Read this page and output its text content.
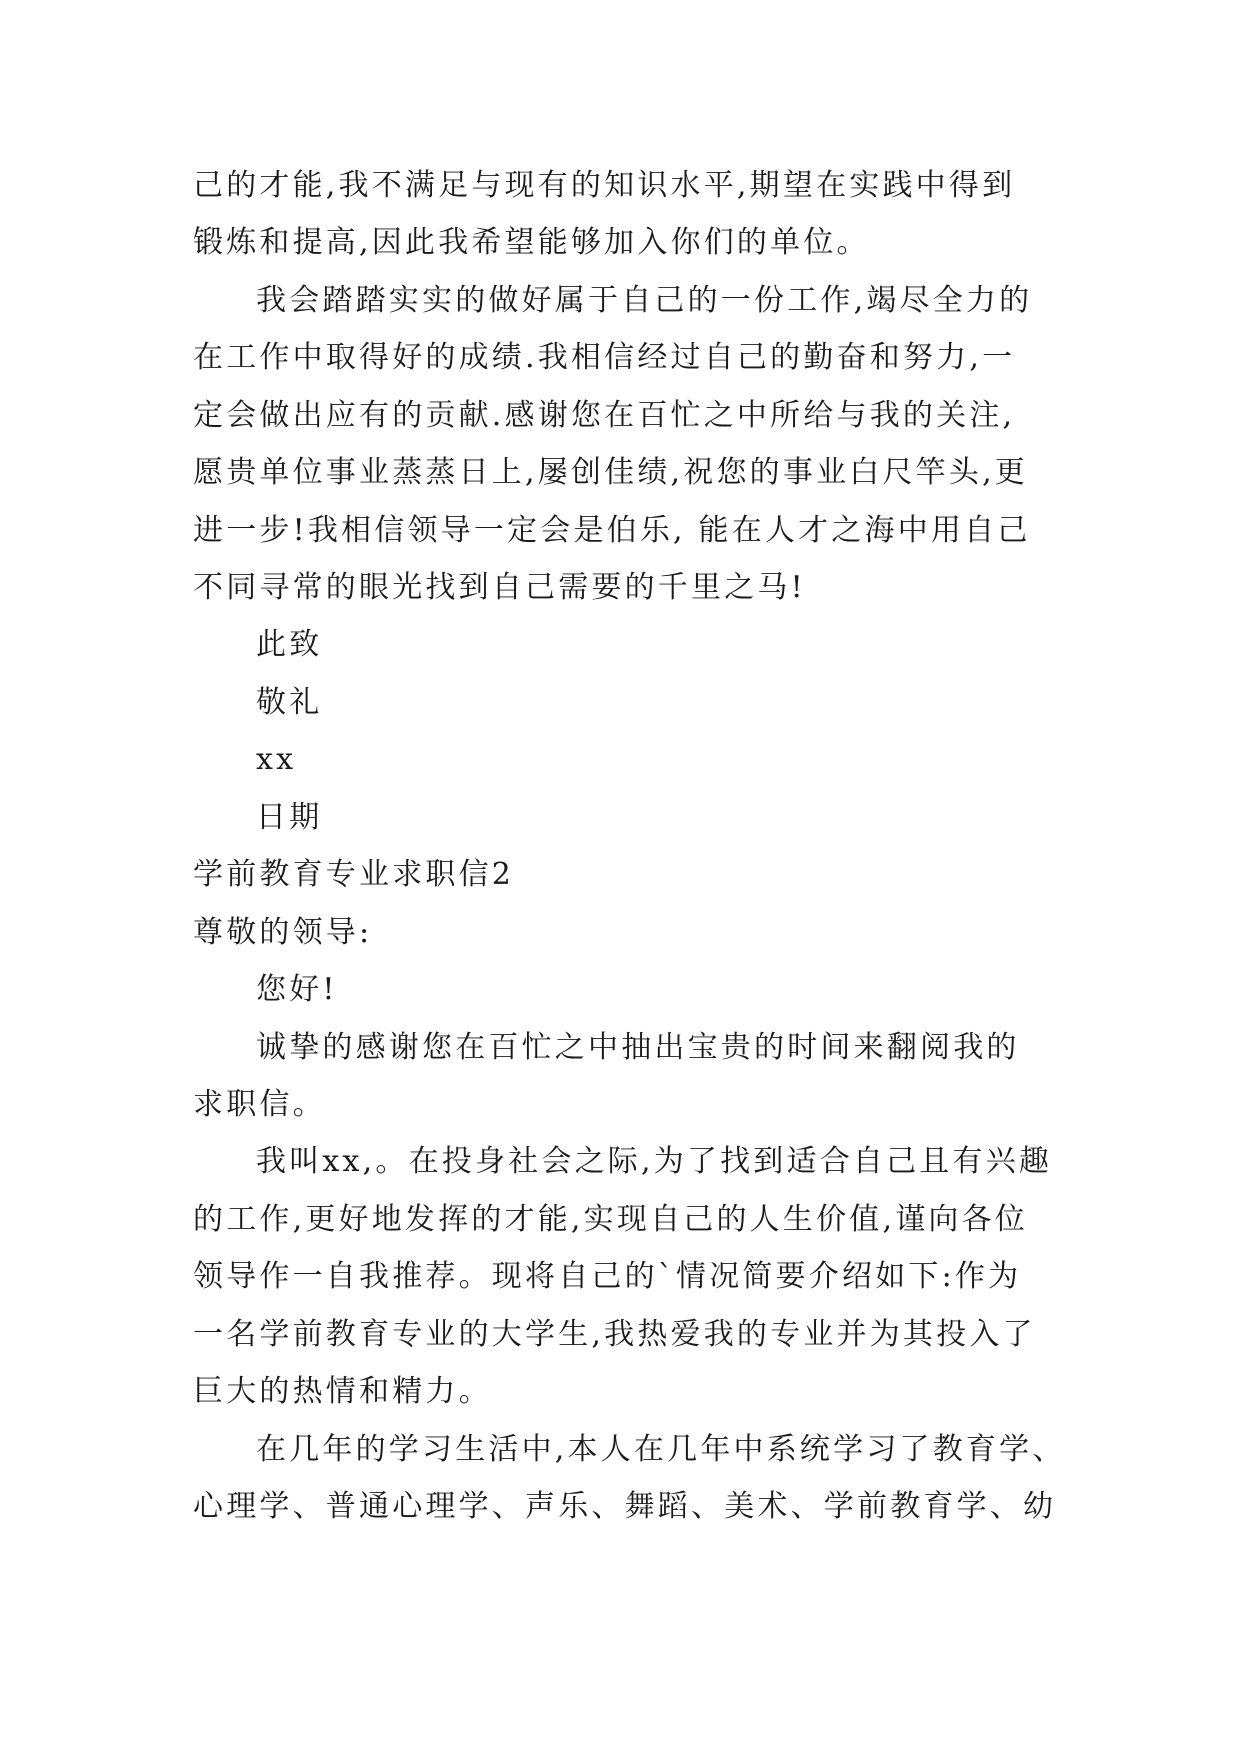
己的才能,我不满足与现有的知识水平,期望在实践中得到
锻炼和提高,因此我希望能够加入你们的单位。
我会踏踏实实的做好属于自己的一份工作,竭尽全力的
在工作中取得好的成绩.我相信经过自己的勤奋和努力,一
定会做出应有的贡献.感谢您在百忙之中所给与我的关注,
愿贵单位事业蒸蒸日上,屡创佳绩,祝您的事业白尺竿头,更
进一步!我相信领导一定会是伯乐, 能在人才之海中用自己
不同寻常的眼光找到自己需要的千里之马!
此致
敬礼
xx
日期
学前教育专业求职信2
尊敬的领导:
您好!
诚挚的感谢您在百忙之中抽出宝贵的时间来翻阅我的
求职信。
我叫xx,。在投身社会之际,为了找到适合自己且有兴趣
的工作,更好地发挥的才能,实现自己的人生价值,谨向各位
领导作一自我推荐。现将自己的`情况简要介绍如下:作为
一名学前教育专业的大学生,我热爱我的专业并为其投入了
巨大的热情和精力。
在几年的学习生活中,本人在几年中系统学习了教育学、
心理学、普通心理学、声乐、舞蹈、美术、学前教育学、幼
